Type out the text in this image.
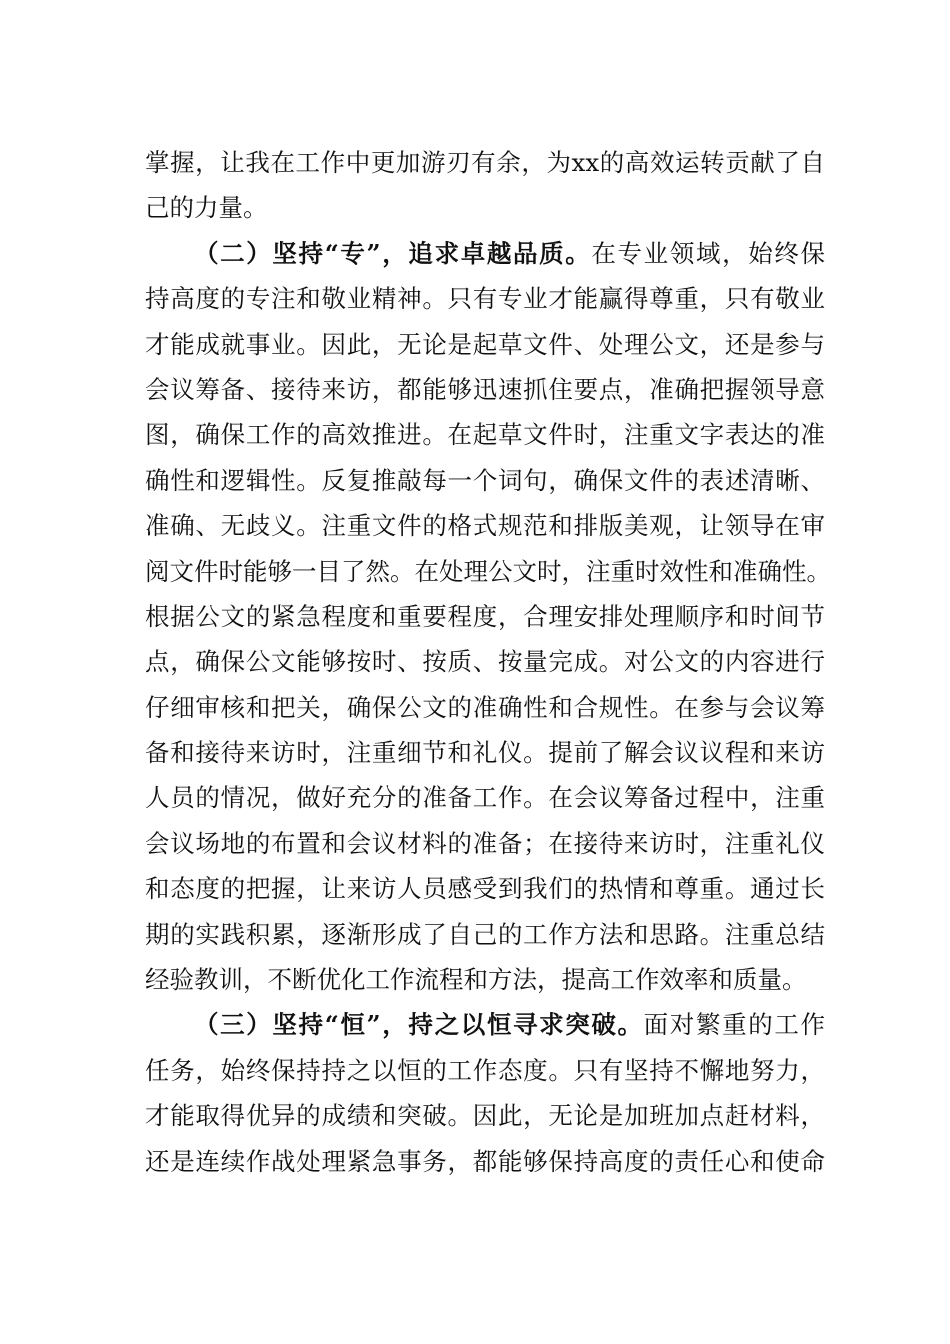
掌握，让我在工作中更加游刃有余，为xx的高效运转贡献了自
己的力量。
（二）坚持“专”，追求卓越品质。在专业领域，始终保
持高度的专注和敬业精神。只有专业才能赢得尊重，只有敬业
才能成就事业。因此，无论是起草文件、处理公文，还是参与
会议筹备、接待来访，都能够迅速抓住要点，准确把握领导意
图，确保工作的高效推进。在起草文件时，注重文字表达的准
确性和逻辑性。反复推敲每一个词句，确保文件的表述清晰、
准确、无歧义。注重文件的格式规范和排版美观，让领导在审
阅文件时能够一目了然。在处理公文时，注重时效性和准确性。
根据公文的紧急程度和重要程度，合理安排处理顺序和时间节
点，确保公文能够按时、按质、按量完成。对公文的内容进行
仔细审核和把关，确保公文的准确性和合规性。在参与会议筹
备和接待来访时，注重细节和礼仪。提前了解会议议程和来访
人员的情况，做好充分的准备工作。在会议筹备过程中，注重
会议场地的布置和会议材料的准备；在接待来访时，注重礼仪
和态度的把握，让来访人员感受到我们的热情和尊重。通过长
期的实践积累，逐渐形成了自己的工作方法和思路。注重总结
经验教训，不断优化工作流程和方法，提高工作效率和质量。
（三）坚持“恒”，持之以恒寻求突破。面对繁重的工作
任务，始终保持持之以恒的工作态度。只有坚持不懈地努力，
才能取得优异的成绩和突破。因此，无论是加班加点赶材料，
还是连续作战处理紧急事务，都能够保持高度的责任心和使命
